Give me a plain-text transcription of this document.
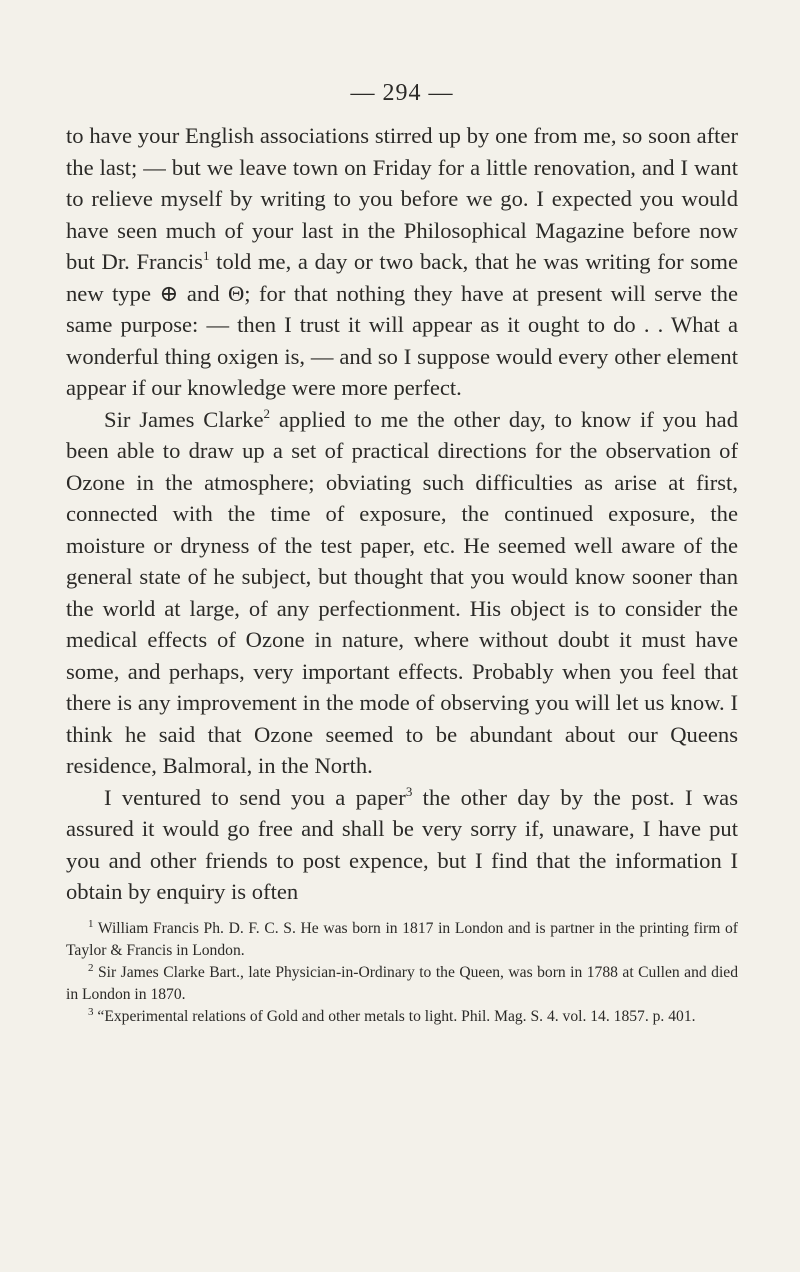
— 294 —

to have your English associations stirred up by one from me, so soon after the last; — but we leave town on Friday for a little renovation, and I want to relieve myself by writing to you before we go. I expected you would have seen much of your last in the Philosophical Magazine before now but Dr. Francis$^1$ told me, a day or two back, that he was writing for some new type ⊕ and Θ; for that nothing they have at present will serve the same purpose: — then I trust it will appear as it ought to do . . What a wonderful thing oxigen is, — and so I suppose would every other element appear if our knowledge were more perfect.

Sir James Clarke$^2$ applied to me the other day, to know if you had been able to draw up a set of practical directions for the observation of Ozone in the atmosphere; obviating such difficulties as arise at first, connected with the time of exposure, the continued exposure, the moisture or dryness of the test paper, etc. He seemed well aware of the general state of he subject, but thought that you would know sooner than the world at large, of any perfectionment. His object is to consider the medical effects of Ozone in nature, where without doubt it must have some, and perhaps, very important effects. Probably when you feel that there is any improvement in the mode of observing you will let us know. I think he said that Ozone seemed to be abundant about our Queens residence, Balmoral, in the North.

I ventured to send you a paper$^3$ the other day by the post. I was assured it would go free and shall be very sorry if, unaware, I have put you and other friends to post expence, but I find that the information I obtain by enquiry is often

$^1$ William Francis Ph. D. F. C. S. He was born in 1817 in London and is partner in the printing firm of Taylor & Francis in London.

$^2$ Sir James Clarke Bart., late Physician-in-Ordinary to the Queen, was born in 1788 at Cullen and died in London in 1870.

$^3$ “Experimental relations of Gold and other metals to light. Phil. Mag. S. 4. vol. 14. 1857. p. 401.
